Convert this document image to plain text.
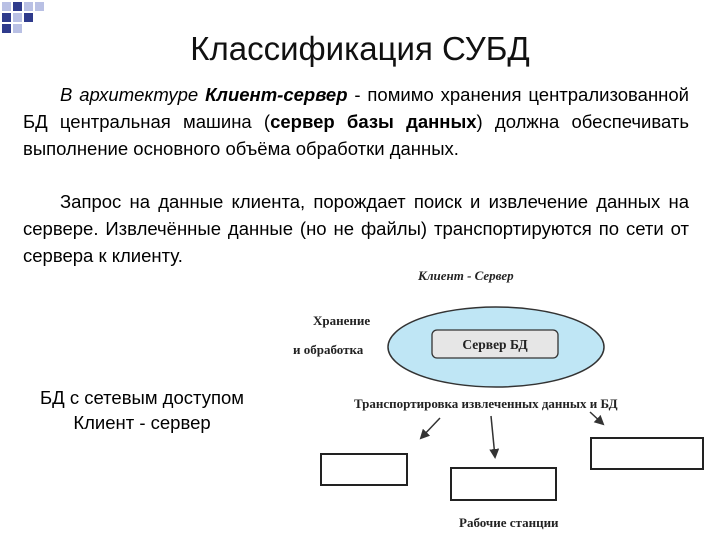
Классификация СУБД

В архитектуре Клиент-сервер - помимо хранения централизованной БД центральная машина (сервер базы данных) должна обеспечивать выполнение основного объёма обработки данных.

Запрос на данные клиента, порождает поиск и извлечение данных на сервере. Извлечённые данные (но не файлы) транспортируются по сети от сервера к клиенту.

БД с сетевым доступом
Клиент - сервер
Клиент - Сервер
Хранение
и обработка	Сервер БД
Транспортировка извлеченных данных и БД
Рабочие станции
